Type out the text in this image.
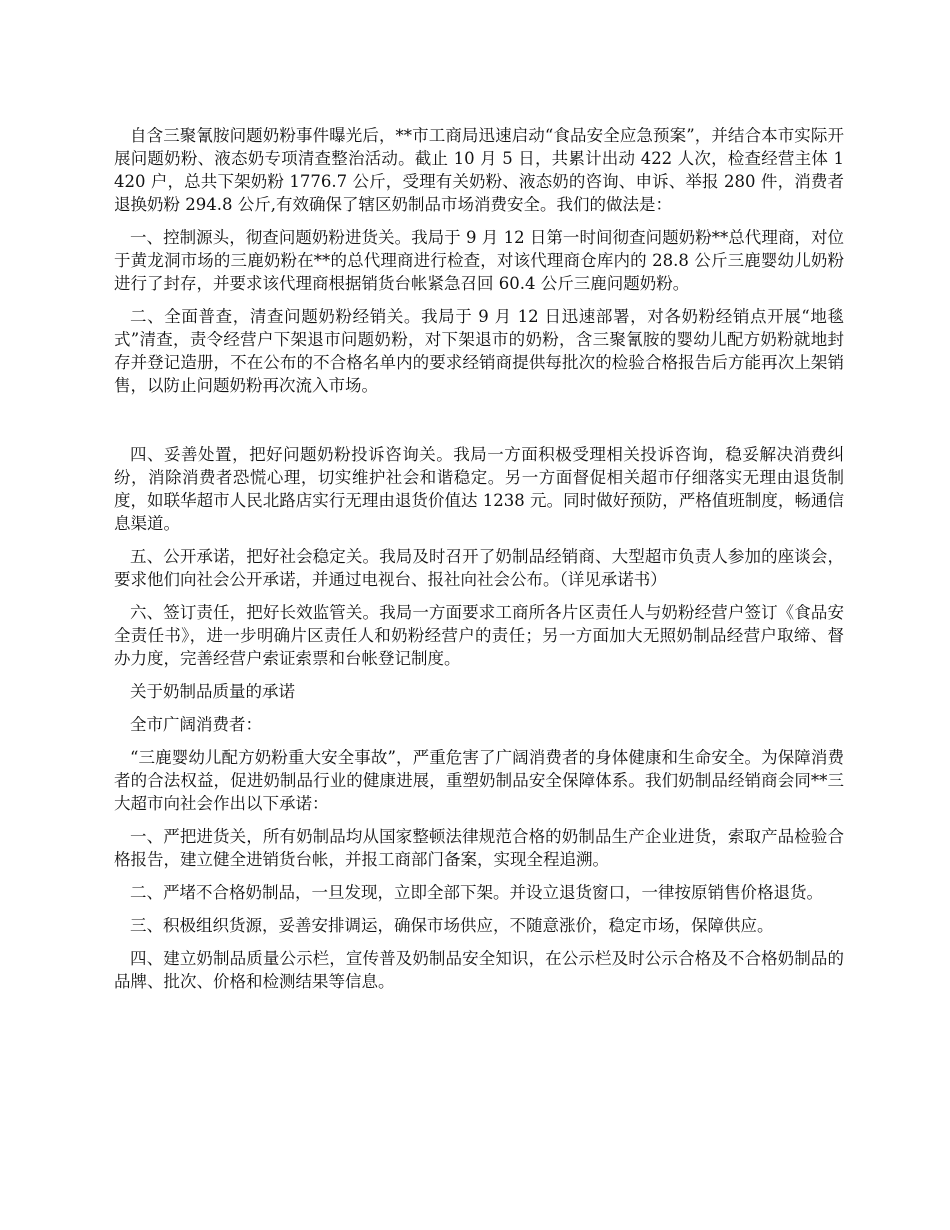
自含三聚氰胺问题奶粉事件曝光后，**市工商局迅速启动“食品安全应急预案”，并结合本市实际开展问题奶粉、液态奶专项清查整治活动。截止 10 月 5 日，共累计出动 422 人次，检查经营主体 1420 户，总共下架奶粉 1776.7 公斤，受理有关奶粉、液态奶的咨询、申诉、举报 280 件，消费者退换奶粉 294.8 公斤,有效确保了辖区奶制品市场消费安全。我们的做法是：

一、控制源头，彻查问题奶粉进货关。我局于 9 月 12 日第一时间彻查问题奶粉**总代理商，对位于黄龙洞市场的三鹿奶粉在**的总代理商进行检查，对该代理商仓库内的 28.8 公斤三鹿婴幼儿奶粉进行了封存，并要求该代理商根据销货台帐紧急召回 60.4 公斤三鹿问题奶粉。

二、全面普查，清查问题奶粉经销关。我局于 9 月 12 日迅速部署，对各奶粉经销点开展“地毯式”清查，责令经营户下架退市问题奶粉，对下架退市的奶粉，含三聚氰胺的婴幼儿配方奶粉就地封存并登记造册，不在公布的不合格名单内的要求经销商提供每批次的检验合格报告后方能再次上架销售，以防止问题奶粉再次流入市场。

四、妥善处置，把好问题奶粉投诉咨询关。我局一方面积极受理相关投诉咨询，稳妥解决消费纠纷，消除消费者恐慌心理，切实维护社会和谐稳定。另一方面督促相关超市仔细落实无理由退货制度，如联华超市人民北路店实行无理由退货价值达 1238 元。同时做好预防，严格值班制度，畅通信息渠道。

五、公开承诺，把好社会稳定关。我局及时召开了奶制品经销商、大型超市负责人参加的座谈会，要求他们向社会公开承诺，并通过电视台、报社向社会公布。（详见承诺书）

六、签订责任，把好长效监管关。我局一方面要求工商所各片区责任人与奶粉经营户签订《食品安全责任书》，进一步明确片区责任人和奶粉经营户的责任；另一方面加大无照奶制品经营户取缔、督办力度，完善经营户索证索票和台帐登记制度。

关于奶制品质量的承诺

全市广阔消费者：

“三鹿婴幼儿配方奶粉重大安全事故”，严重危害了广阔消费者的身体健康和生命安全。为保障消费者的合法权益，促进奶制品行业的健康进展，重塑奶制品安全保障体系。我们奶制品经销商会同**三大超市向社会作出以下承诺：

一、严把进货关，所有奶制品均从国家整顿法律规范合格的奶制品生产企业进货，索取产品检验合格报告，建立健全进销货台帐，并报工商部门备案，实现全程追溯。

二、严堵不合格奶制品，一旦发现，立即全部下架。并设立退货窗口，一律按原销售价格退货。

三、积极组织货源，妥善安排调运，确保市场供应，不随意涨价，稳定市场，保障供应。

四、建立奶制品质量公示栏，宣传普及奶制品安全知识，在公示栏及时公示合格及不合格奶制品的品牌、批次、价格和检测结果等信息。
